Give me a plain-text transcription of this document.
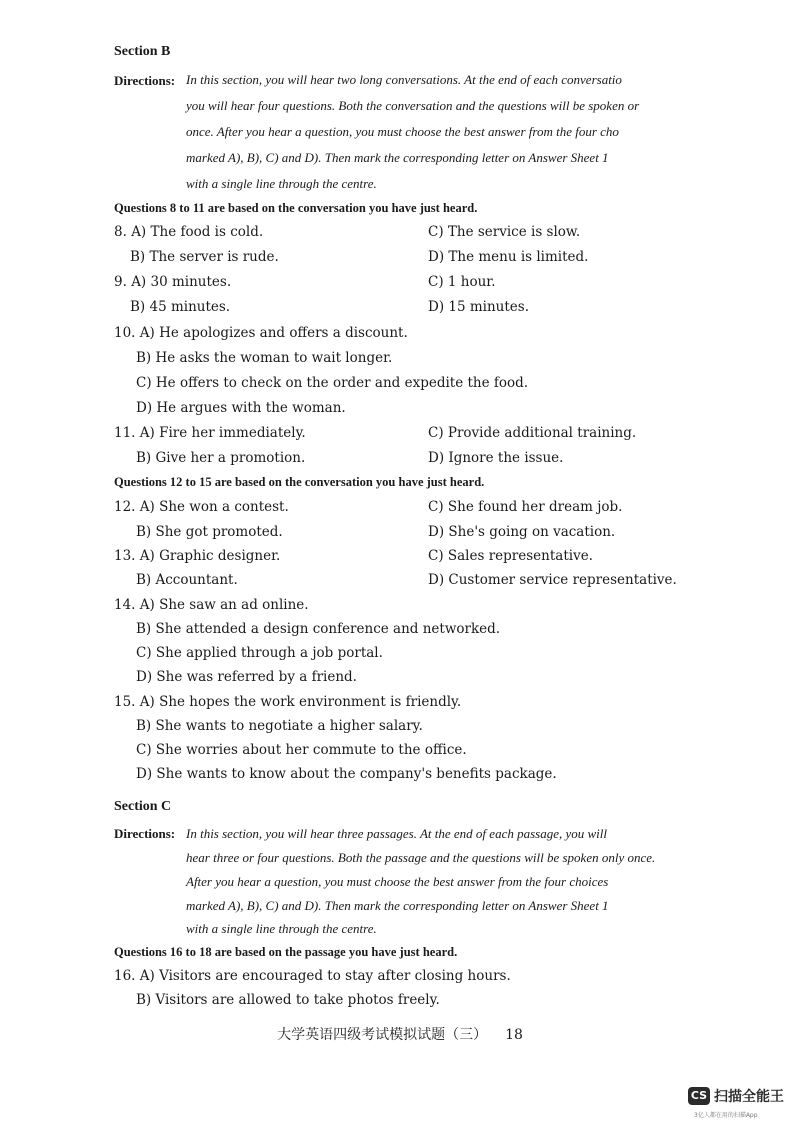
Section B
Directions: In this section, you will hear two long conversations. At the end of each conversatio
you will hear four questions. Both the conversation and the questions will be spoken or
once. After you hear a question, you must choose the best answer from the four cho
marked A), B), C) and D). Then mark the corresponding letter on Answer Sheet 1
with a single line through the centre.
Questions 8 to 11 are based on the conversation you have just heard.
8. A) The food is cold.	C) The service is slow.
B) The server is rude.	D) The menu is limited.
9. A) 30 minutes.	C) 1 hour.
B) 45 minutes.	D) 15 minutes.
10. A) He apologizes and offers a discount.
B) He asks the woman to wait longer.
C) He offers to check on the order and expedite the food.
D) He argues with the woman.
11. A) Fire her immediately.	C) Provide additional training.
B) Give her a promotion.	D) Ignore the issue.
Questions 12 to 15 are based on the conversation you have just heard.
12. A) She won a contest.	C) She found her dream job.
B) She got promoted.	D) She's going on vacation.
13. A) Graphic designer.	C) Sales representative.
B) Accountant.	D) Customer service representative.
14. A) She saw an ad online.
B) She attended a design conference and networked.
C) She applied through a job portal.
D) She was referred by a friend.
15. A) She hopes the work environment is friendly.
B) She wants to negotiate a higher salary.
C) She worries about her commute to the office.
D) She wants to know about the company's benefits package.
Section C
Directions: In this section, you will hear three passages. At the end of each passage, you will
hear three or four questions. Both the passage and the questions will be spoken only once.
After you hear a question, you must choose the best answer from the four choices
marked A), B), C) and D). Then mark the corresponding letter on Answer Sheet 1
with a single line through the centre.
Questions 16 to 18 are based on the passage you have just heard.
16. A) Visitors are encouraged to stay after closing hours.
B) Visitors are allowed to take photos freely.
大学英语四级考试模拟试题（三） 18
CS 扫描全能王
3亿人都在用的扫描App
